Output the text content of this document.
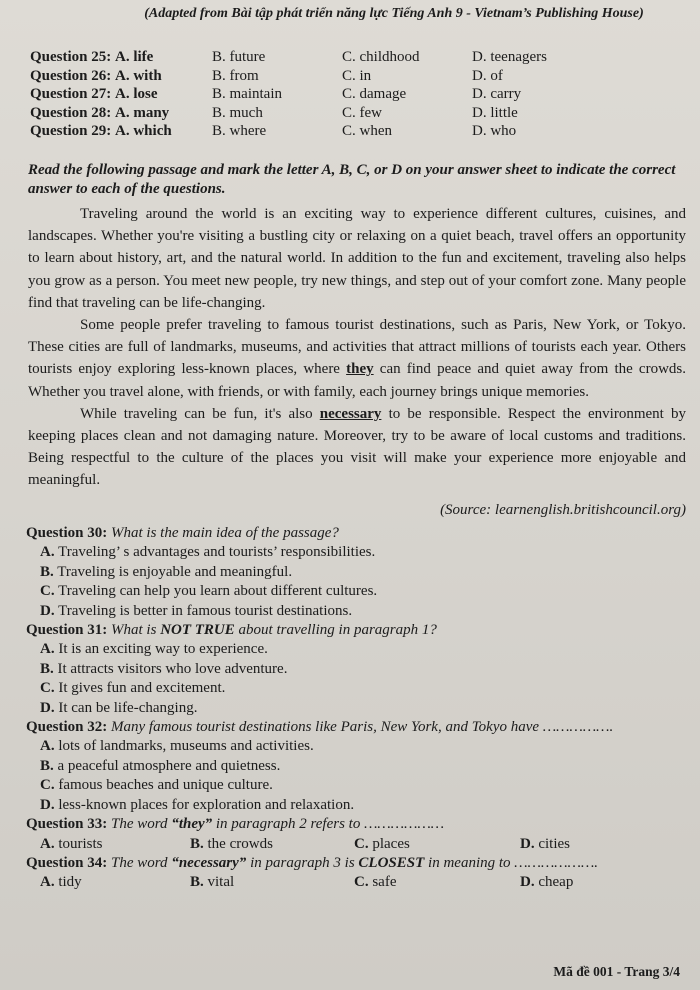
(Adapted from Bài tập phát triển năng lực Tiếng Anh 9 - Vietnam’s Publishing House)
Question 25: A. life	B. future	C. childhood	D. teenagers
Question 26: A. with	B. from	C. in	D. of
Question 27: A. lose	B. maintain	C. damage	D. carry
Question 28: A. many	B. much	C. few	D. little
Question 29: A. which	B. where	C. when	D. who
Read the following passage and mark the letter A, B, C, or D on your answer sheet to indicate the correct answer to each of the questions.

Traveling around the world is an exciting way to experience different cultures, cuisines, and landscapes. Whether you're visiting a bustling city or relaxing on a quiet beach, travel offers an opportunity to learn about history, art, and the natural world. In addition to the fun and excitement, traveling also helps you grow as a person. You meet new people, try new things, and step out of your comfort zone. Many people find that traveling can be life-changing.

Some people prefer traveling to famous tourist destinations, such as Paris, New York, or Tokyo. These cities are full of landmarks, museums, and activities that attract millions of tourists each year. Others tourists enjoy exploring less-known places, where they can find peace and quiet away from the crowds. Whether you travel alone, with friends, or with family, each journey brings unique memories.

While traveling can be fun, it's also necessary to be responsible. Respect the environment by keeping places clean and not damaging nature. Moreover, try to be aware of local customs and traditions. Being respectful to the culture of the places you visit will make your experience more enjoyable and meaningful.

(Source: learnenglish.britishcouncil.org)
Question 30: What is the main idea of the passage?
A. Traveling’ s advantages and tourists’ responsibilities.
B. Traveling is enjoyable and meaningful.
C. Traveling can help you learn about different cultures.
D. Traveling is better in famous tourist destinations.
Question 31: What is NOT TRUE about travelling in paragraph 1?
A. It is an exciting way to experience.
B. It attracts visitors who love adventure.
C. It gives fun and excitement.
D. It can be life-changing.
Question 32: Many famous tourist destinations like Paris, New York, and Tokyo have …………….
A. lots of landmarks, museums and activities.
B. a peaceful atmosphere and quietness.
C. famous beaches and unique culture.
D. less-known places for exploration and relaxation.
Question 33: The word “they” in paragraph 2 refers to ………………
A. tourists	B. the crowds	C. places	D. cities
Question 34: The word “necessary” in paragraph 3 is CLOSEST in meaning to ……………….
A. tidy	B. vital	C. safe	D. cheap
Mã đề 001 - Trang 3/4
